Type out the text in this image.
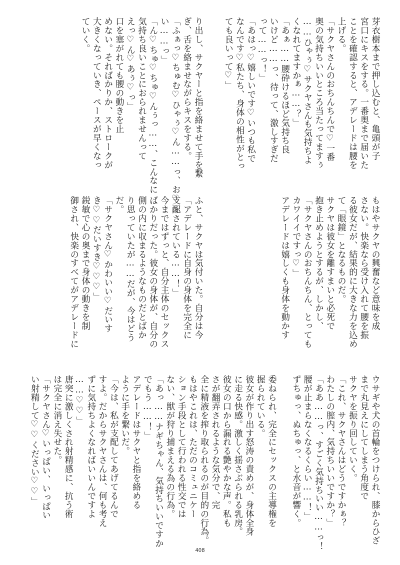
芽衣樹本まで押し込むと、亀頭が子
宮口にキスをする。一番奥まで届いた
ことを確認すると、アデレードは腰を
上げる。
「サクヤさんのおちんちんで♡一番
奥の気持ちいいところ当たってますぅ
……ひゃぅ♡サクヤさんも気持ちよ
くなれてますかぁ……？」
「あぁ……腰砕けるほど気持ち良
いけど……っ、待って、激しすぎだ
って……っ！」
「あはっ♡嬉しいです♡いつも私で
なんです♡私たち、身体の相性がとっ
ても良いって♡」
り出し、サクヤーと指を絡ませて手を繋
ぎ、舌を絡ませながらキスをする。
「ふぁっ♡ちゅむ♡ひゃぅ♡ん……っ、お♡ふ
い……っ」
「ん♡ちゅ♡ちゅ♡んぅっ……、こんなに
気持ち良いことにおられませんって
えっ♡ん♡あぅ♡っ」
口を塞がれても腰の動きを止
めない。そればかりか、ストロークが
大きくなっていき、ペースが早くなっ
ていく。
もはやサクヤの興奮など意味を成
さない。快楽なら受け入れて腰を振
る彼女だが、結果的に大きな力を込め
て「眼鏡」となるものだ。
サクヤは彼女を離すまいと必死で
抱き止めようとするが、しかし、
「サクヤさんのおちんちん、とっても
カワイイですっ♡」
アデレードは嬉しくも身体を動かす
ふと、サクヤは気付いた。自分は今
「アデレードに自身の身体を完全に
支配されている……！」
今まではずっと、自分主体のセックス
ばかりだった。彼女の身体が、自分の
側の内に収まるようなものだとばか
り思っていたが……だが、今はどう
だ。
「サクヤさん♡かわいい♡だいす
き♡♡だいすき♡♡♡」
鋭敏で心の奥まで身体の動きを制
御され、快楽のすべてがアデレードに
ウサギや犬の首輪をつけられ、膝からひざ
まで丸見えにしてしまう角度で
サクヤを振り回していく。
「これ、サクヤさんはどうですかぁ？
わたしの膣内、気持ちいいですか？」
「ああ……っ、すごく気持ちいい……っ！
腰が止まらなくなるくらい……！」
ずちゅっ、ぬちゅっ、と水音が響く。
委ねられ、完全にセックスの主導権を
握られている。
彼女が作り出す怒涛の責めが、身体全身
に走る快感。激しく揺さぶられる乳房。
彼女の口から漏れる艶やかな声。私も
さが翻弄されるような気分で、完
全に精液を搾り取られるのが目的の行為。
もはやこれは、ただのコミュニケー
ション手段として行われる性交では
ない、獣が狩り捕まえる為の行為。
「あっ……ナギちゃん、気持ちいいですか
でもう……！」
アデレードはサクヤと指を絡める
ように手を繋いだ。
「今は、私が支配してあげてるんで
すよ。だからサクヤさんは、何も考え
ずに気持ちよくなればいいんですよ
……♡♡」
唐突に激しくされ射精感に、抗う術
は完全に消え失せた。
「サクヤさん♡いっぱい、いっぱい
い射精して♡♡ください♡♡」
408
